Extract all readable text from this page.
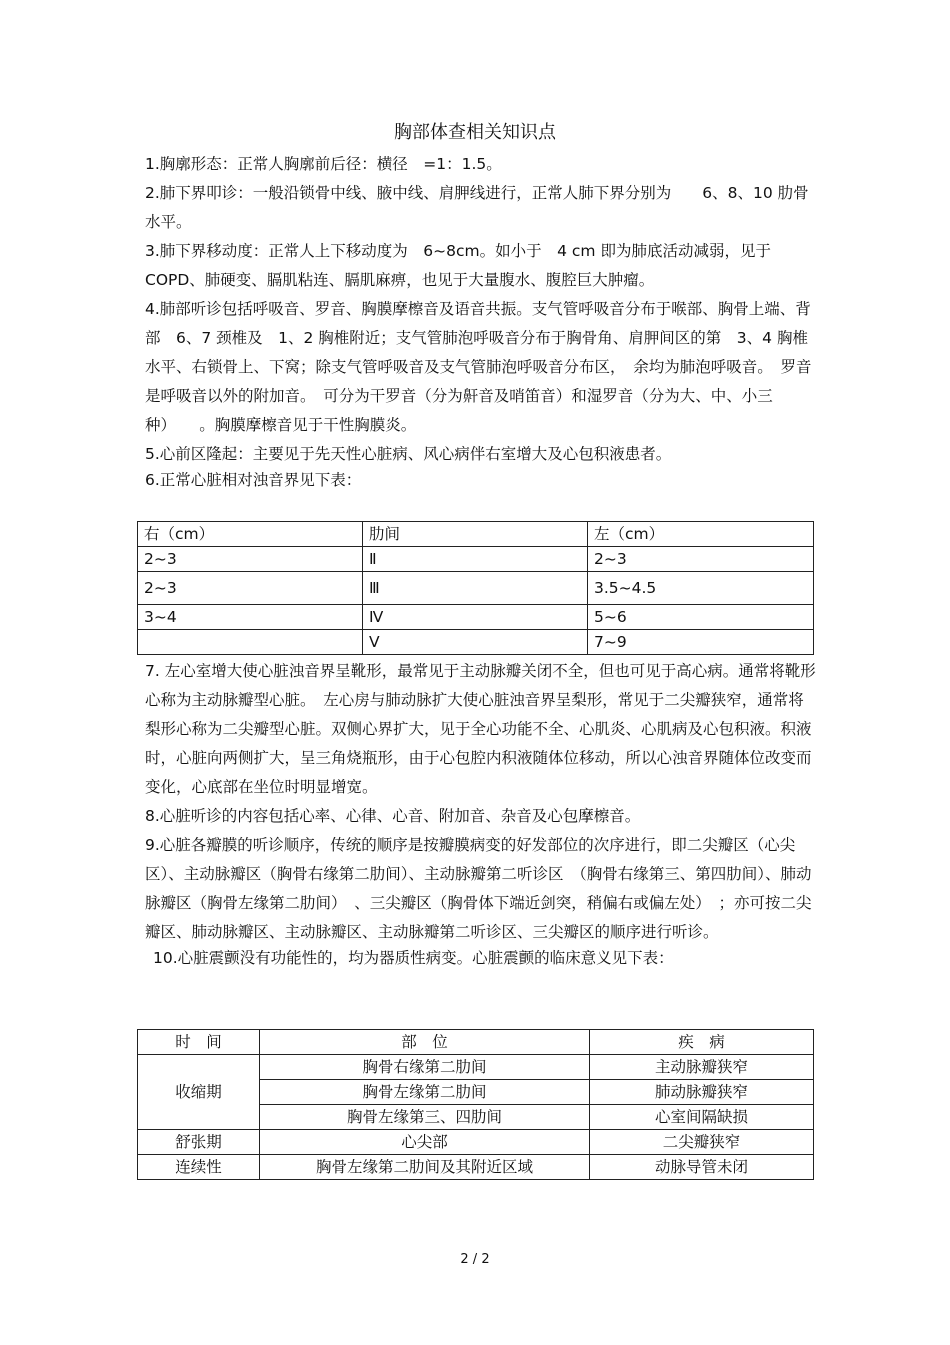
胸部体查相关知识点

1.胸廓形态：正常人胸廓前后径：横径　=1：1.5。

2.肺下界叩诊：一般沿锁骨中线、腋中线、肩胛线进行，正常人肺下界分别为　　6、8、10 肋骨水平。

3.肺下界移动度：正常人上下移动度为　6~8cm。如小于　4 cm 即为肺底活动减弱，见于 COPD、肺硬变、膈肌粘连、膈肌麻痹，也见于大量腹水、腹腔巨大肿瘤。

4.肺部听诊包括呼吸音、罗音、胸膜摩檫音及语音共振。支气管呼吸音分布于喉部、胸骨上端、背部　6、7 颈椎及　1、2 胸椎附近；支气管肺泡呼吸音分布于胸骨角、肩胛间区的第　3、4 胸椎水平、右锁骨上、下窝；除支气管呼吸音及支气管肺泡呼吸音分布区，　余均为肺泡呼吸音。　罗音是呼吸音以外的附加音。　可分为干罗音（分为鼾音及哨笛音）和湿罗音（分为大、中、小三种）　　。胸膜摩檫音见于干性胸膜炎。

5.心前区隆起：主要见于先天性心脏病、风心病伴右室增大及心包积液患者。

6.正常心脏相对浊音界见下表：

右（cm）	肋间	左（cm）
2~3	Ⅱ	2~3
2~3	Ⅲ	3.5~4.5
3~4	Ⅳ	5~6
	Ⅴ	7~9

7. 左心室增大使心脏浊音界呈靴形，最常见于主动脉瓣关闭不全，但也可见于高心病。通常将靴形心称为主动脉瓣型心脏。　左心房与肺动脉扩大使心脏浊音界呈梨形，常见于二尖瓣狭窄，通常将梨形心称为二尖瓣型心脏。双侧心界扩大，见于全心功能不全、心肌炎、心肌病及心包积液。积液时，心脏向两侧扩大，呈三角烧瓶形，由于心包腔内积液随体位移动，所以心浊音界随体位改变而变化，心底部在坐位时明显增宽。

8.心脏听诊的内容包括心率、心律、心音、附加音、杂音及心包摩檫音。

9.心脏各瓣膜的听诊顺序，传统的顺序是按瓣膜病变的好发部位的次序进行，即二尖瓣区（心尖区）、主动脉瓣区（胸骨右缘第二肋间）、主动脉瓣第二听诊区　（胸骨右缘第三、第四肋间）、肺动脉瓣区（胸骨左缘第二肋间）　、三尖瓣区（胸骨体下端近剑突，稍偏右或偏左处）　；亦可按二尖瓣区、肺动脉瓣区、主动脉瓣区、主动脉瓣第二听诊区、三尖瓣区的顺序进行听诊。

10.心脏震颤没有功能性的，均为器质性病变。心脏震颤的临床意义见下表：

时　间	部　位	疾　病
收缩期	胸骨右缘第二肋间	主动脉瓣狭窄
	胸骨左缘第二肋间	肺动脉瓣狭窄
	胸骨左缘第三、四肋间	心室间隔缺损
舒张期	心尖部	二尖瓣狭窄
连续性	胸骨左缘第二肋间及其附近区域	动脉导管未闭
2 / 2
